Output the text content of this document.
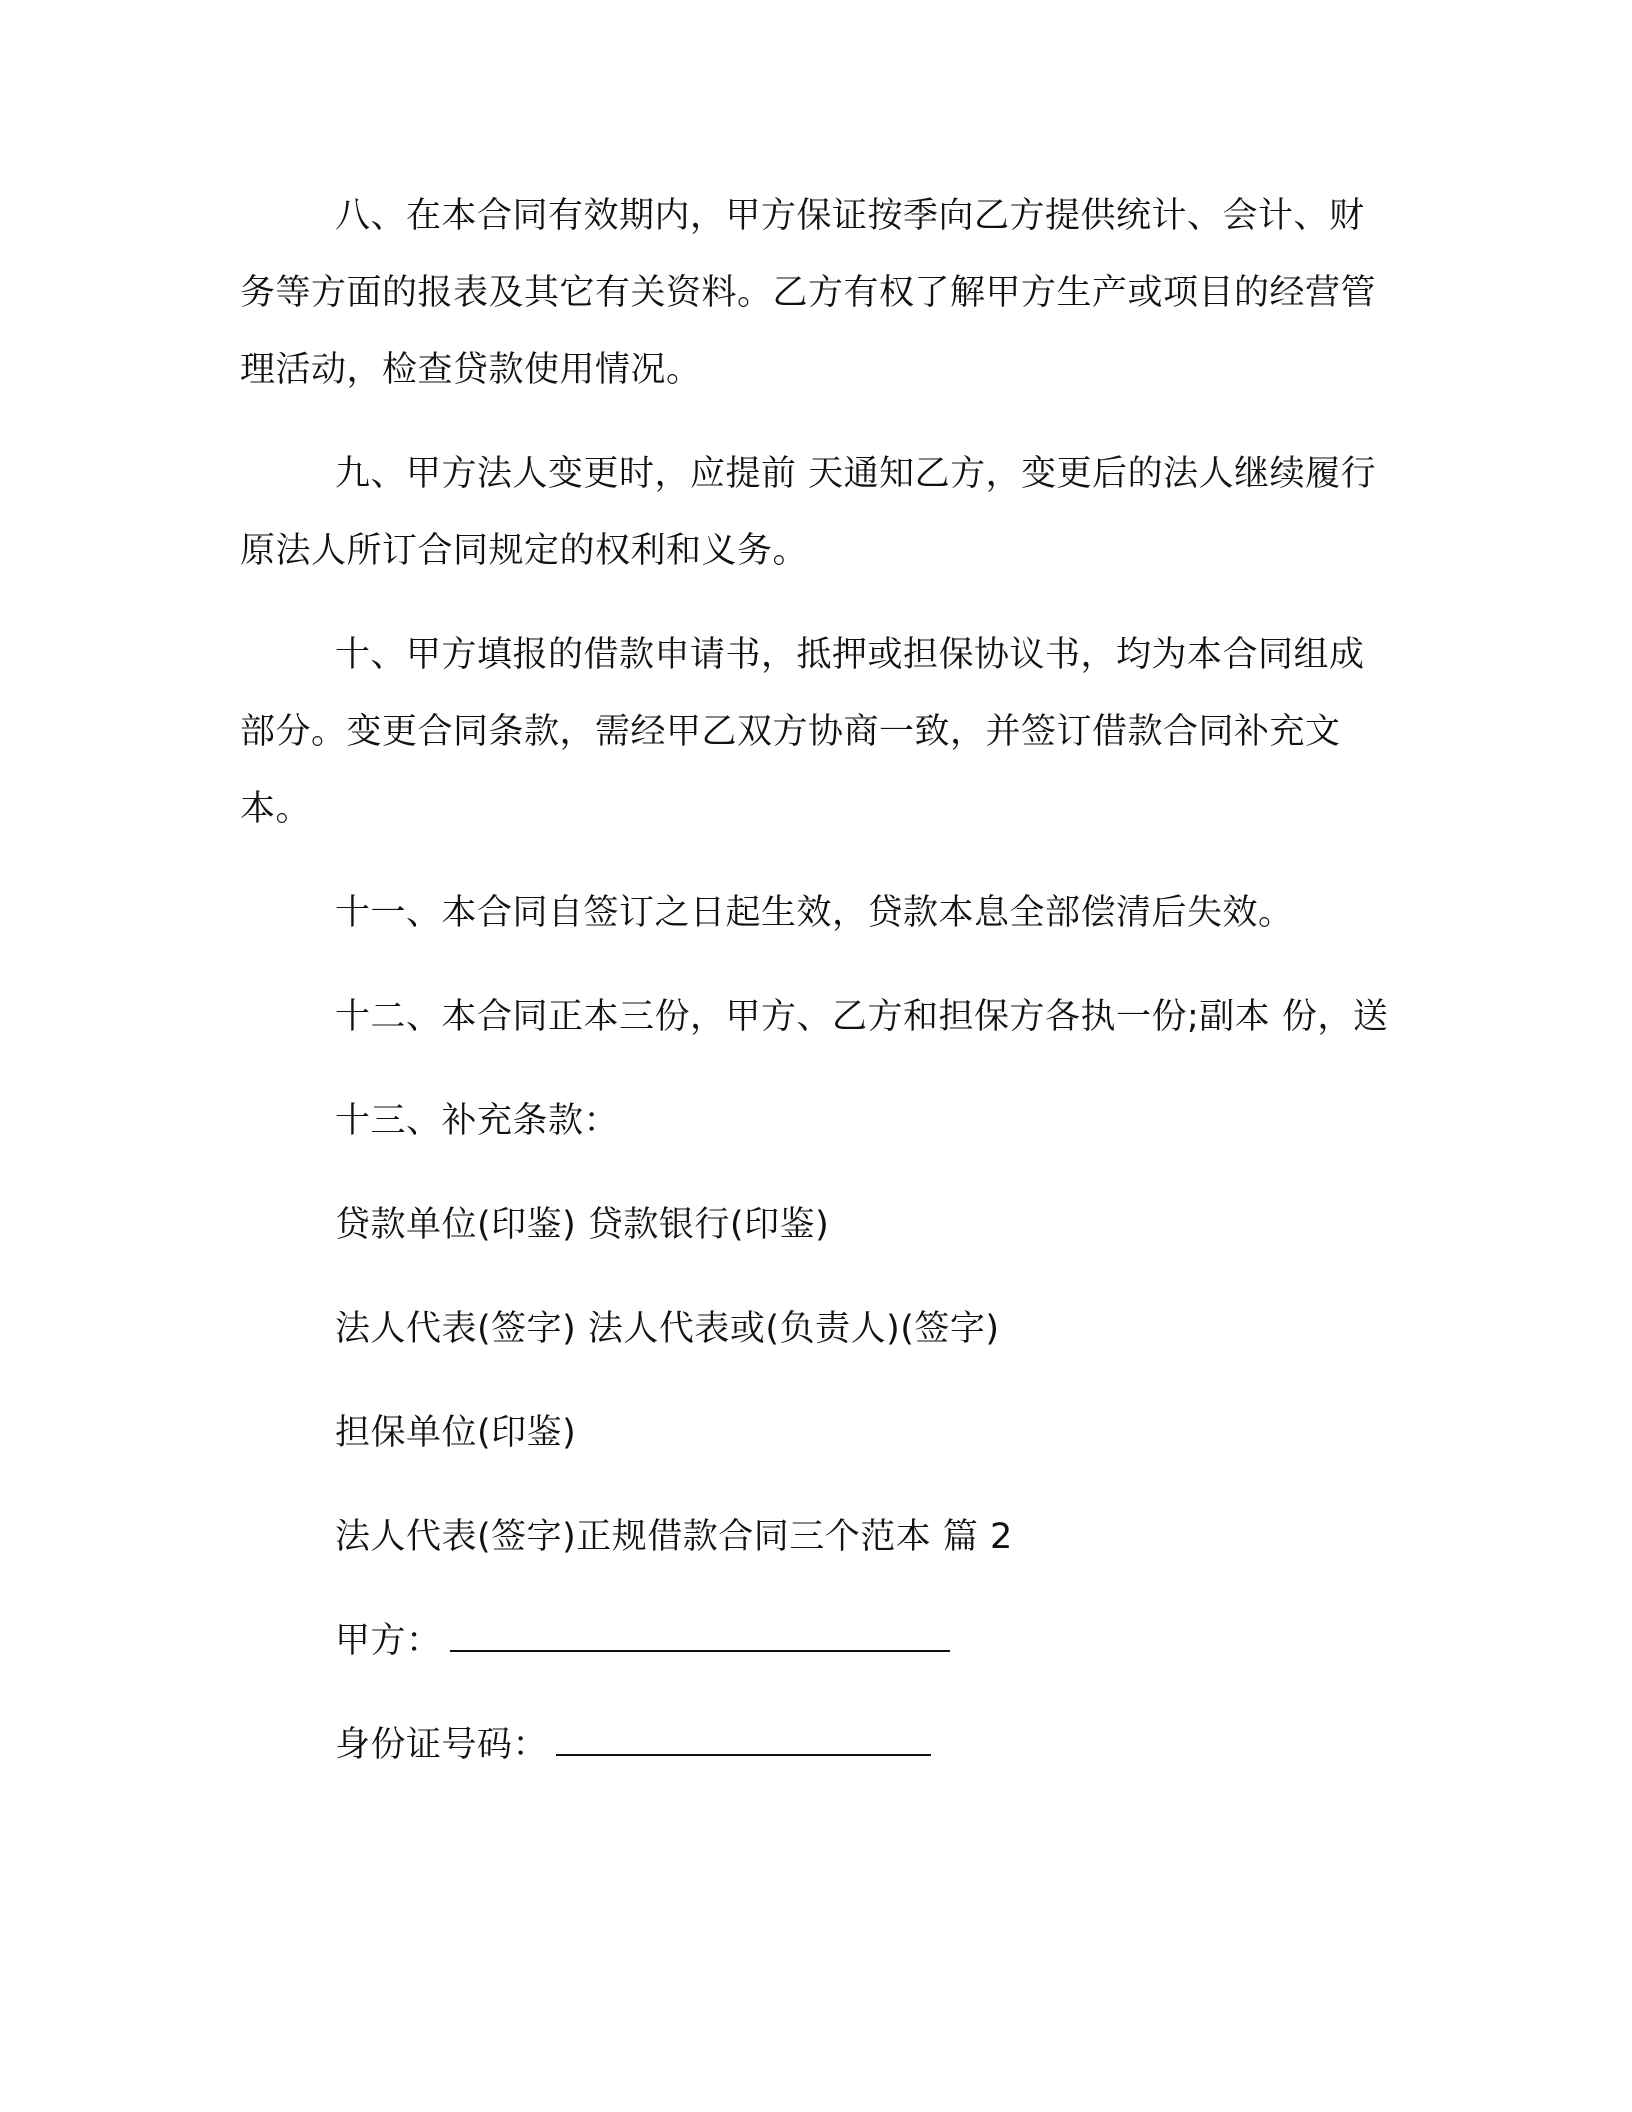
八、在本合同有效期内，甲方保证按季向乙方提供统计、会计、财务等方面的报表及其它有关资料。乙方有权了解甲方生产或项目的经营管理活动，检查贷款使用情况。

九、甲方法人变更时，应提前 天通知乙方，变更后的法人继续履行原法人所订合同规定的权利和义务。

十、甲方填报的借款申请书，抵押或担保协议书，均为本合同组成部分。变更合同条款，需经甲乙双方协商一致，并签订借款合同补充文本。

十一、本合同自签订之日起生效，贷款本息全部偿清后失效。

十二、本合同正本三份，甲方、乙方和担保方各执一份;副本 份，送

十三、补充条款：
贷款单位(印鉴) 贷款银行(印鉴)
法人代表(签字) 法人代表或(负责人)(签字)
担保单位(印鉴)
法人代表(签字)正规借款合同三个范本 篇 2
甲方：
身份证号码：
